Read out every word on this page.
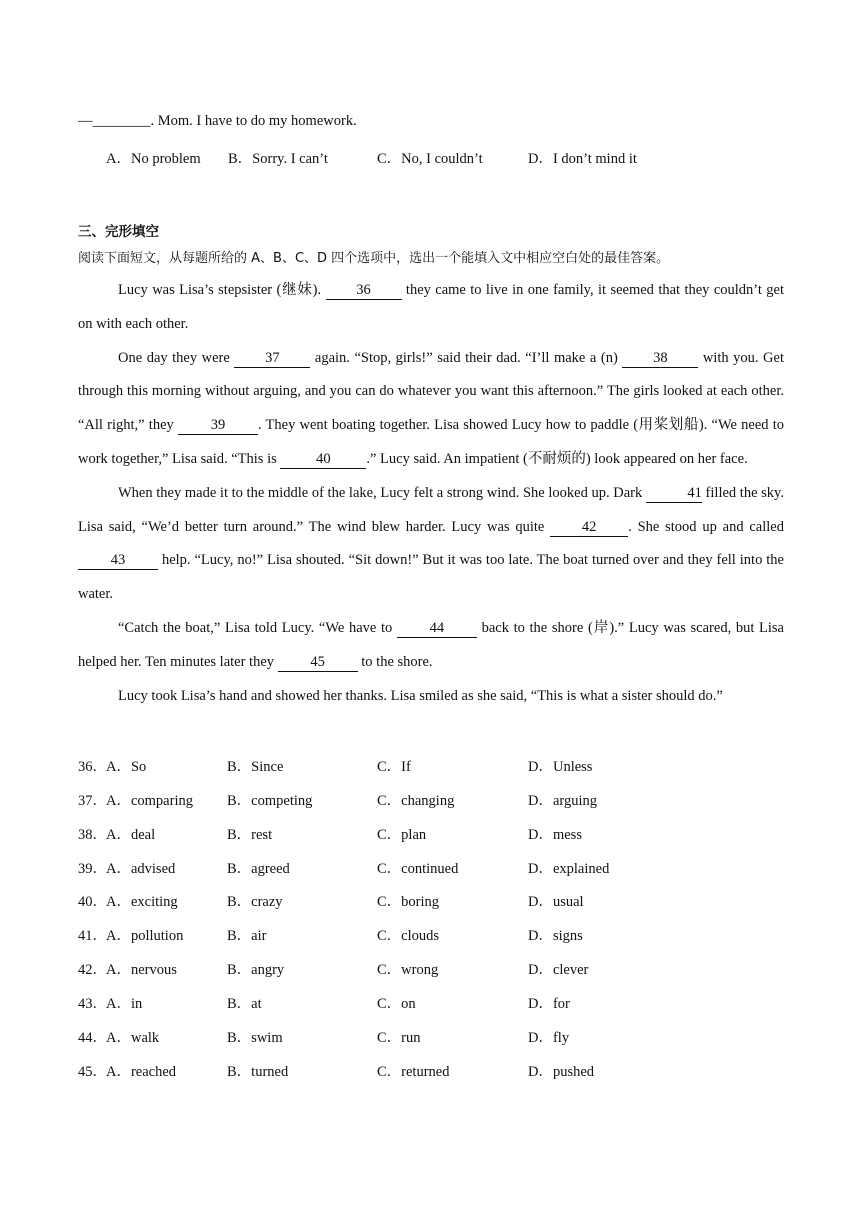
—________. Mom. I have to do my homework.
A．No problem B．Sorry. I can’t	C．No, I couldn’t	D．I don’t mind it
三、完形填空
阅读下面短文，从每题所给的 A、B、C、D 四个选项中，选出一个能填入文中相应空白处的最佳答案。

Lucy was Lisa’s stepsister (继妹). 36 they came to live in one family, it seemed that they couldn’t get on with each other.

One day they were 37 again. “Stop, girls!” said their dad. “I’ll make a (n) 38 with you. Get through this morning without arguing, and you can do whatever you want this afternoon.” The girls looked at each other. “All right,” they 39 . They went boating together. Lisa showed Lucy how to paddle (用桨划船). “We need to work together,” Lisa said. “This is 40 .” Lucy said. An impatient (不耐烦的) look appeared on her face.

When they made it to the middle of the lake, Lucy felt a strong wind. She looked up. Dark	41 filled the sky. Lisa said, “We’d better turn around.” The wind blew harder. Lucy was quite 42 . She stood up and called 43 help. “Lucy, no!” Lisa shouted. “Sit down!” But it was too late. The boat turned over and they fell into the water.

“Catch the boat,” Lisa told Lucy. “We have to 44 back to the shore (岸).” Lucy was scared, but Lisa helped her. Ten minutes later they 45 to the shore.

Lucy took Lisa’s hand and showed her thanks. Lisa smiled as she said, “This is what a sister should do.”

36． A．So	B．Since	C．If	D．Unless
37． A．comparing B．competing	C．changing	D．arguing
38． A．deal	B．rest	C．plan	D．mess
39． A．advised	B．agreed	C．continued	D．explained
40． A．exciting	B．crazy	C．boring	D．usual
41． A．pollution	B．air	C．clouds	D．signs
42． A．nervous	B．angry	C．wrong	D．clever
43． A．in	B．at	C．on	D．for
44． A．walk	B．swim	C．run	D．fly
45． A．reached	B．turned	C．returned	D．pushed
